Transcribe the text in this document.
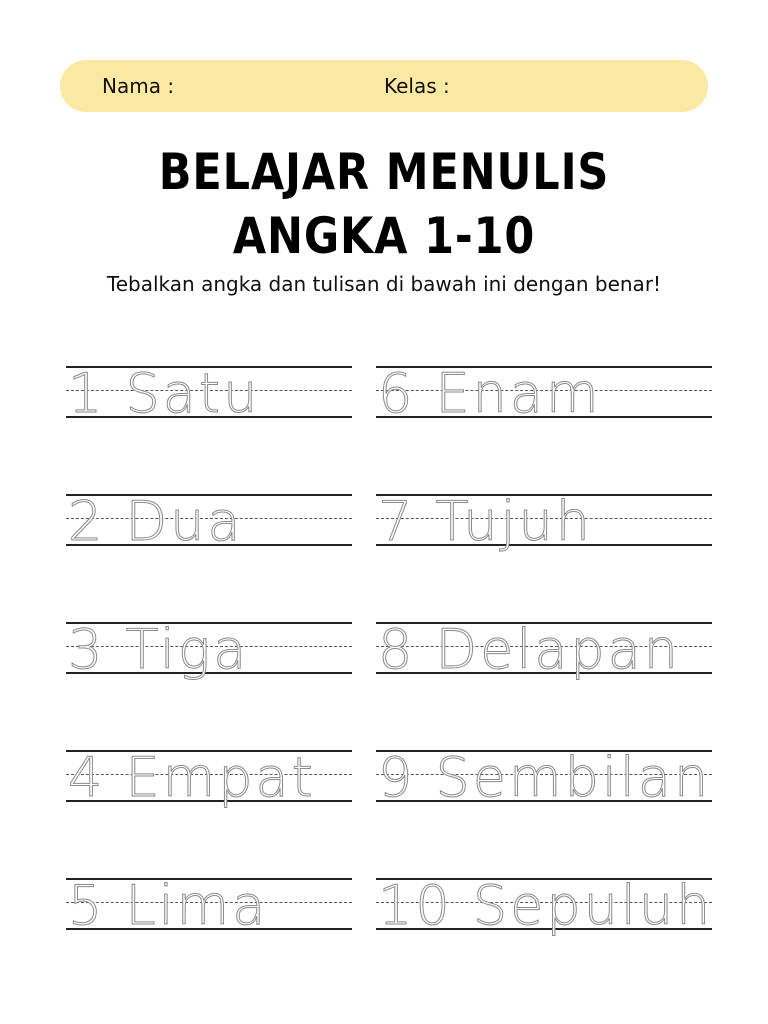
Nama :	Kelas :
BELAJAR MENULIS
ANGKA 1-10
Tebalkan angka dan tulisan di bawah ini dengan benar!
1 Satu
2 Dua
3 Tiga
4 Empat
5 Lima
6 Enam
7 Tujuh
8 Delapan
9 Sembilan
10 Sepuluh
